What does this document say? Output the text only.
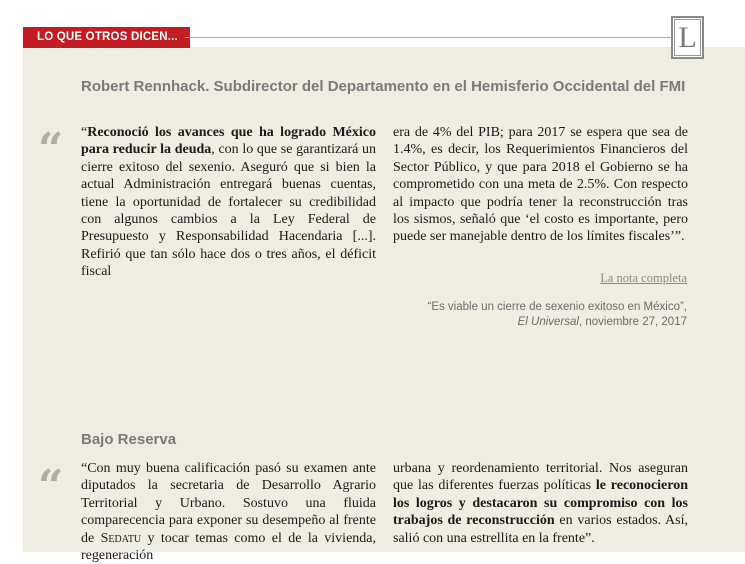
LO QUE OTROS DICEN...	L
Robert Rennhack. Subdirector del Departamento en el Hemisferio Occidental del FMI
“	“Reconoció los avances que ha logrado México para reducir la deuda, con lo que se garantizará un cierre exitoso del sexenio. Aseguró que si bien la actual Administración entregará buenas cuentas, tiene la oportunidad de fortalecer su credibilidad con algunos cambios a la Ley Federal de Presupuesto y Responsabilidad Hacendaria [...]. Refirió que tan sólo hace dos o tres años, el déficit fiscal

era de 4% del PIB; para 2017 se espera que sea de 1.4%, es decir, los Requerimientos Financieros del Sector Público, y que para 2018 el Gobierno se ha comprometido con una meta de 2.5%. Con respecto al impacto que podría tener la reconstrucción tras los sismos, señaló que ‘el costo es importante, pero puede ser manejable dentro de los límites fiscales’”.

La nota completa
“Es viable un cierre de sexenio exitoso en México”,
El Universal, noviembre 27, 2017
Bajo Reserva
“	“Con muy buena calificación pasó su examen ante diputados la secretaria de Desarrollo Agrario Territorial y Urbano. Sostuvo una fluida comparecencia para exponer su desempeño al frente de Sedatu y tocar temas como el de la vivienda, regeneración

urbana y reordenamiento territorial. Nos aseguran que las diferentes fuerzas políticas le reconocieron los logros y destacaron su compromiso con los trabajos de reconstrucción en varios estados. Así, salió con una estrellita en la frente”.
